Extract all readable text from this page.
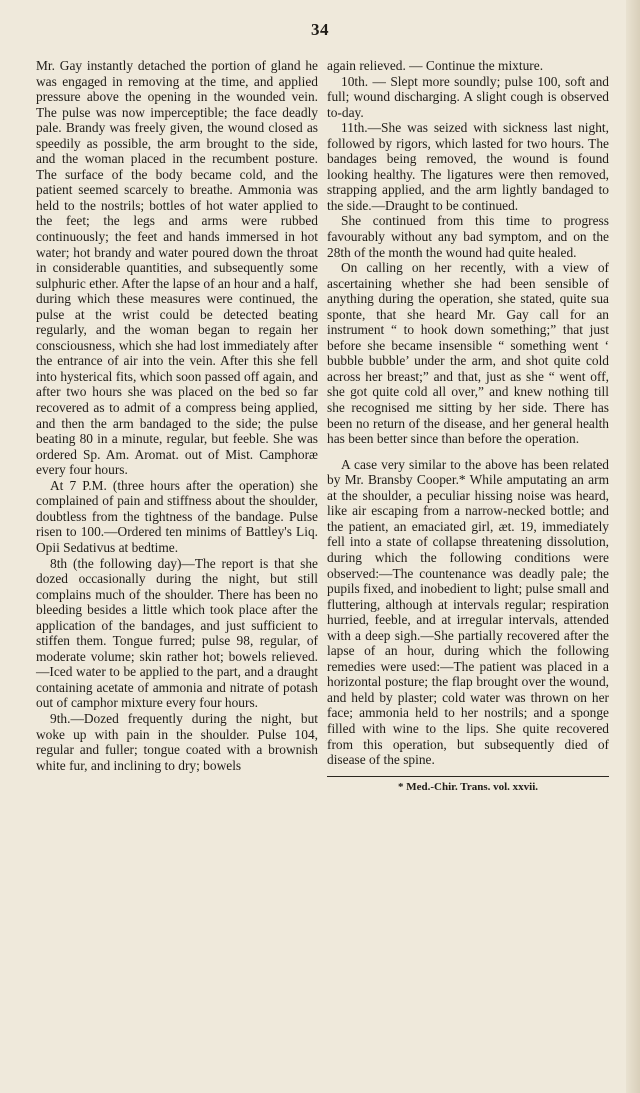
34

Mr. Gay instantly detached the portion of gland he was engaged in removing at the time, and applied pressure above the opening in the wounded vein. The pulse was now imperceptible; the face deadly pale. Brandy was freely given, the wound closed as speedily as possible, the arm brought to the side, and the woman placed in the recumbent posture. The surface of the body became cold, and the patient seemed scarcely to breathe. Ammonia was held to the nostrils; bottles of hot water applied to the feet; the legs and arms were rubbed continuously; the feet and hands immersed in hot water; hot brandy and water poured down the throat in considerable quantities, and subsequently some sulphuric ether. After the lapse of an hour and a half, during which these measures were continued, the pulse at the wrist could be detected beating regularly, and the woman began to regain her consciousness, which she had lost immediately after the entrance of air into the vein. After this she fell into hysterical fits, which soon passed off again, and after two hours she was placed on the bed so far recovered as to admit of a compress being applied, and then the arm bandaged to the side; the pulse beating 80 in a minute, regular, but feeble. She was ordered Sp. Am. Aromat. out of Mist. Camphoræ every four hours.

At 7 P.M. (three hours after the operation) she complained of pain and stiffness about the shoulder, doubtless from the tightness of the bandage. Pulse risen to 100.—Ordered ten minims of Battley's Liq. Opii Sedativus at bedtime.

8th (the following day)—The report is that she dozed occasionally during the night, but still complains much of the shoulder. There has been no bleeding besides a little which took place after the application of the bandages, and just sufficient to stiffen them. Tongue furred; pulse 98, regular, of moderate volume; skin rather hot; bowels relieved.—Iced water to be applied to the part, and a draught containing acetate of ammonia and nitrate of potash out of camphor mixture every four hours.

9th.—Dozed frequently during the night, but woke up with pain in the shoulder. Pulse 104, regular and fuller; tongue coated with a brownish white fur, and inclining to dry; bowels

again relieved. — Continue the mixture.

10th. — Slept more soundly; pulse 100, soft and full; wound discharging. A slight cough is observed to-day.

11th.—She was seized with sickness last night, followed by rigors, which lasted for two hours. The bandages being removed, the wound is found looking healthy. The ligatures were then removed, strapping applied, and the arm lightly bandaged to the side.—Draught to be continued.

She continued from this time to progress favourably without any bad symptom, and on the 28th of the month the wound had quite healed.

On calling on her recently, with a view of ascertaining whether she had been sensible of anything during the operation, she stated, quite sua sponte, that she heard Mr. Gay call for an instrument “ to hook down something;” that just before she became insensible “ something went ‘ bubble bubble’ under the arm, and shot quite cold across her breast;” and that, just as she “ went off, she got quite cold all over,” and knew nothing till she recognised me sitting by her side. There has been no return of the disease, and her general health has been better since than before the operation.

A case very similar to the above has been related by Mr. Bransby Cooper.* While amputating an arm at the shoulder, a peculiar hissing noise was heard, like air escaping from a narrow-necked bottle; and the patient, an emaciated girl, æt. 19, immediately fell into a state of collapse threatening dissolution, during which the following conditions were observed:—The countenance was deadly pale; the pupils fixed, and inobedient to light; pulse small and fluttering, although at intervals regular; respiration hurried, feeble, and at irregular intervals, attended with a deep sigh.—She partially recovered after the lapse of an hour, during which the following remedies were used:—The patient was placed in a horizontal posture; the flap brought over the wound, and held by plaster; cold water was thrown on her face; ammonia held to her nostrils; and a sponge filled with wine to the lips. She quite recovered from this operation, but subsequently died of disease of the spine.

* Med.-Chir. Trans. vol. xxvii.
